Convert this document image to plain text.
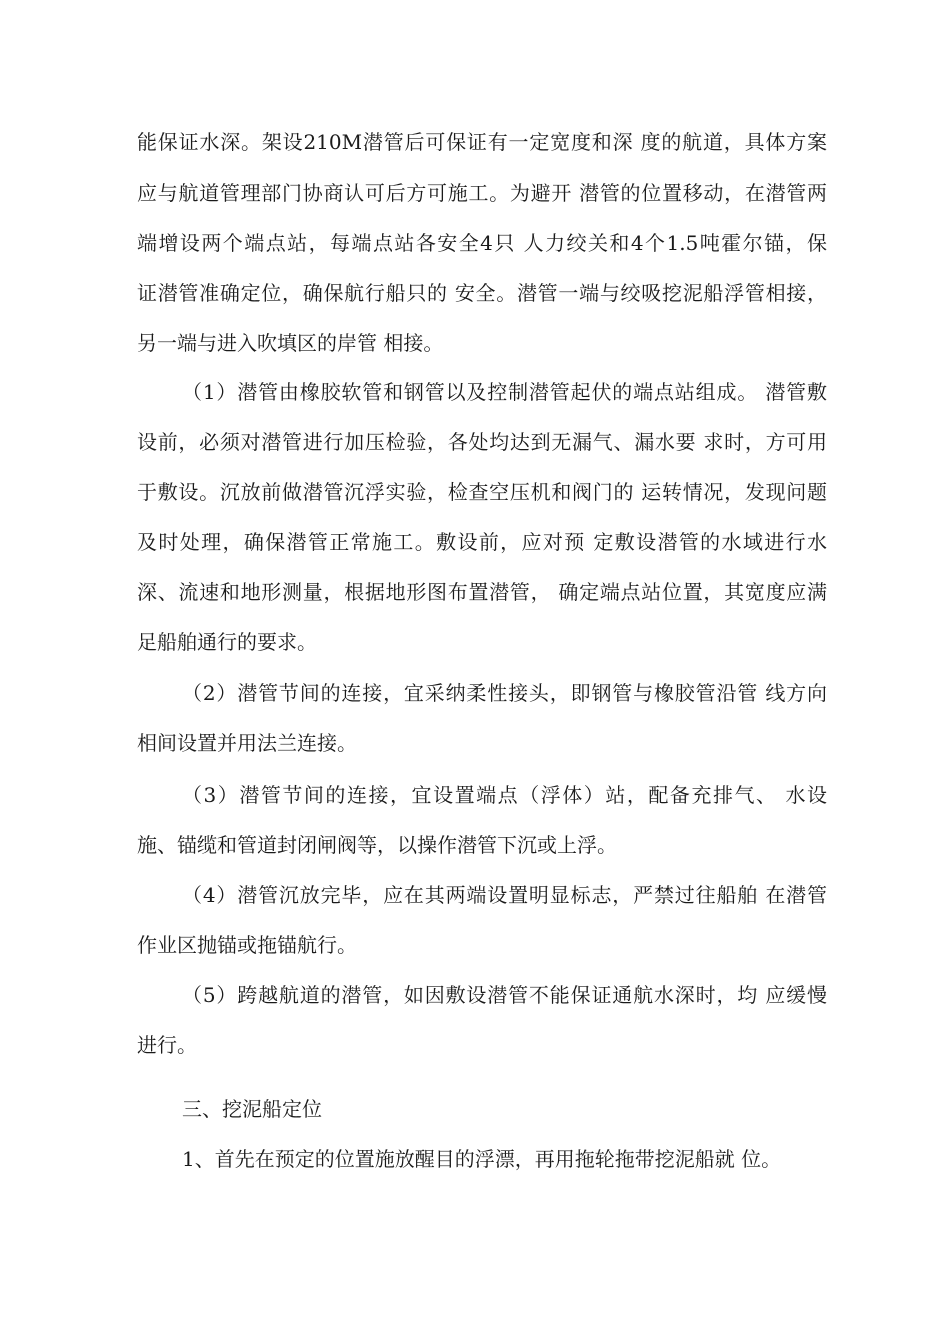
能保证水深。架设210M潜管后可保证有一定宽度和深 度的航道，具体方案
应与航道管理部门协商认可后方可施工。为避开 潜管的位置移动，在潜管两
端增设两个端点站，每端点站各安全4只 人力绞关和4个1.5吨霍尔锚，保
证潜管准确定位，确保航行船只的 安全。潜管一端与绞吸挖泥船浮管相接，
另一端与进入吹填区的岸管 相接。
（1）潜管由橡胶软管和钢管以及控制潜管起伏的端点站组成。 潜管敷
设前，必须对潜管进行加压检验，各处均达到无漏气、漏水要 求时，方可用
于敷设。沉放前做潜管沉浮实验，检查空压机和阀门的 运转情况，发现问题
及时处理，确保潜管正常施工。敷设前，应对预 定敷设潜管的水域进行水
深、流速和地形测量，根据地形图布置潜管， 确定端点站位置，其宽度应满
足船舶通行的要求。
（2）潜管节间的连接，宜采纳柔性接头，即钢管与橡胶管沿管 线方向
相间设置并用法兰连接。
（3）潜管节间的连接，宜设置端点（浮体）站，配备充排气、 水设
施、锚缆和管道封闭闸阀等，以操作潜管下沉或上浮。
（4）潜管沉放完毕，应在其两端设置明显标志，严禁过往船舶 在潜管
作业区抛锚或拖锚航行。
（5）跨越航道的潜管，如因敷设潜管不能保证通航水深时，均 应缓慢
进行。
三、挖泥船定位
1、首先在预定的位置施放醒目的浮漂，再用拖轮拖带挖泥船就 位。
